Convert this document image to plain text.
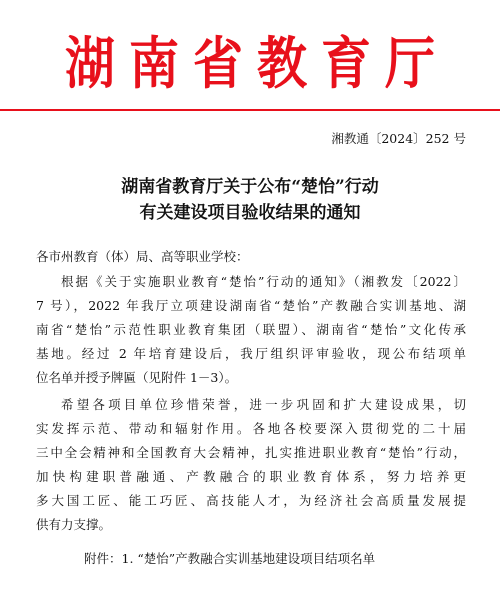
湖南省教育厅
湘教通〔2024〕252 号
湖南省教育厅关于公布“楚怡”行动
有关建设项目验收结果的通知
各市州教育（体）局、高等职业学校：
根据《关于实施职业教育“楚怡”行动的通知》（湘教发〔2022〕
7 号），2022 年我厅立项建设湖南省“楚怡”产教融合实训基地、湖
南省“楚怡”示范性职业教育集团（联盟）、湖南省“楚怡”文化传承
基地。经过 2 年培育建设后，我厅组织评审验收，现公布结项单
位名单并授予牌匾（见附件 1－3）。
希望各项目单位珍惜荣誉，进一步巩固和扩大建设成果，切
实发挥示范、带动和辐射作用。各地各校要深入贯彻党的二十届
三中全会精神和全国教育大会精神，扎实推进职业教育“楚怡”行动，
加快构建职普融通、产教融合的职业教育体系，努力培养更
多大国工匠、能工巧匠、高技能人才，为经济社会高质量发展提
供有力支撑。
附件：1. “楚怡”产教融合实训基地建设项目结项名单
